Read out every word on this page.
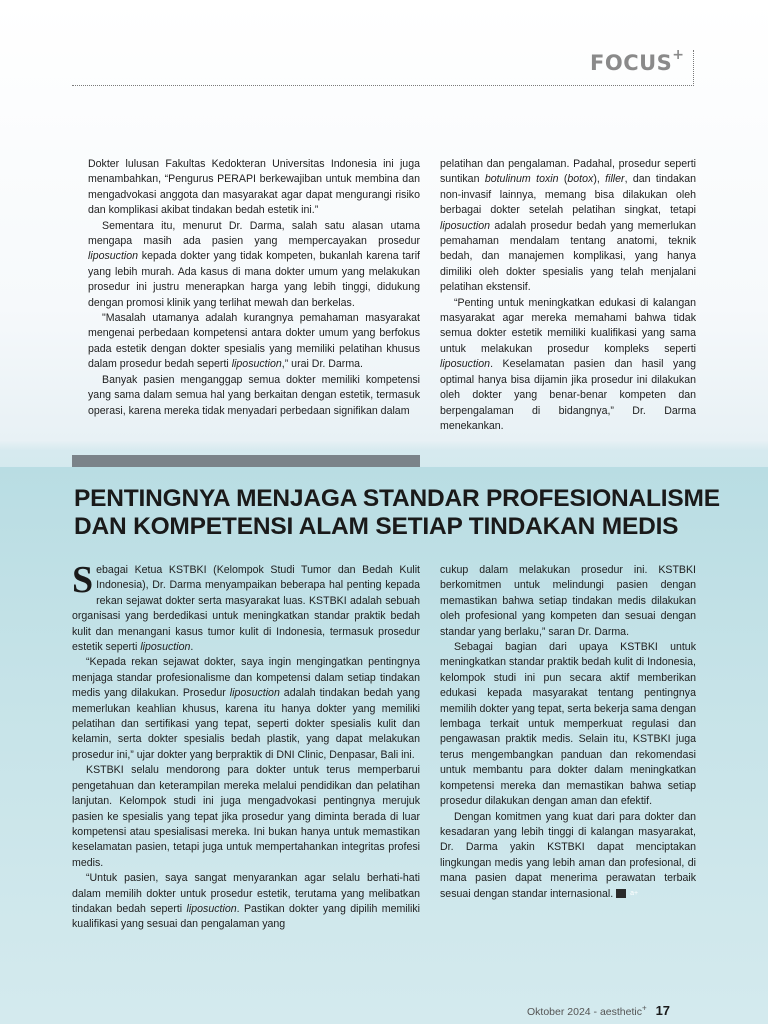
FOCUS+

Dokter lulusan Fakultas Kedokteran Universitas Indonesia ini juga menambahkan, “Pengurus PERAPI berkewajiban untuk membina dan mengadvokasi anggota dan masyarakat agar dapat mengurangi risiko dan komplikasi akibat tindakan bedah estetik ini.”

Sementara itu, menurut Dr. Darma, salah satu alasan utama mengapa masih ada pasien yang mempercayakan prosedur liposuction kepada dokter yang tidak kompeten, bukanlah karena tarif yang lebih murah. Ada kasus di mana dokter umum yang melakukan prosedur ini justru menerapkan harga yang lebih tinggi, didukung dengan promosi klinik yang terlihat mewah dan berkelas.

"Masalah utamanya adalah kurangnya pemahaman masyarakat mengenai perbedaan kompetensi antara dokter umum yang berfokus pada estetik dengan dokter spesialis yang memiliki pelatihan khusus dalam prosedur bedah seperti liposuction,” urai Dr. Darma.

Banyak pasien menganggap semua dokter memiliki kompetensi yang sama dalam semua hal yang berkaitan dengan estetik, termasuk operasi, karena mereka tidak menyadari perbedaan signifikan dalam

pelatihan dan pengalaman. Padahal, prosedur seperti suntikan botulinum toxin (botox), filler, dan tindakan non-invasif lainnya, memang bisa dilakukan oleh berbagai dokter setelah pelatihan singkat, tetapi liposuction adalah prosedur bedah yang memerlukan pemahaman mendalam tentang anatomi, teknik bedah, dan manajemen komplikasi, yang hanya dimiliki oleh dokter spesialis yang telah menjalani pelatihan ekstensif.

“Penting untuk meningkatkan edukasi di kalangan masyarakat agar mereka memahami bahwa tidak semua dokter estetik memiliki kualifikasi yang sama untuk melakukan prosedur kompleks seperti liposuction. Keselamatan pasien dan hasil yang optimal hanya bisa dijamin jika prosedur ini dilakukan oleh dokter yang benar-benar kompeten dan berpengalaman di bidangnya,” Dr. Darma menekankan.

PENTINGNYA MENJAGA STANDAR PROFESIONALISME
DAN KOMPETENSI ALAM SETIAP TINDAKAN MEDIS

Sebagai Ketua KSTBKI (Kelompok Studi Tumor dan Bedah Kulit Indonesia), Dr. Darma menyampaikan beberapa hal penting kepada rekan sejawat dokter serta masyarakat luas. KSTBKI adalah sebuah organisasi yang berdedikasi untuk meningkatkan standar praktik bedah kulit dan menangani kasus tumor kulit di Indonesia, termasuk prosedur estetik seperti liposuction.

“Kepada rekan sejawat dokter, saya ingin mengingatkan pentingnya menjaga standar profesionalisme dan kompetensi dalam setiap tindakan medis yang dilakukan. Prosedur liposuction adalah tindakan bedah yang memerlukan keahlian khusus, karena itu hanya dokter yang memiliki pelatihan dan sertifikasi yang tepat, seperti dokter spesialis kulit dan kelamin, serta dokter spesialis bedah plastik, yang dapat melakukan prosedur ini,” ujar dokter yang berpraktik di DNI Clinic, Denpasar, Bali ini.

KSTBKI selalu mendorong para dokter untuk terus memperbarui pengetahuan dan keterampilan mereka melalui pendidikan dan pelatihan lanjutan. Kelompok studi ini juga mengadvokasi pentingnya merujuk pasien ke spesialis yang tepat jika prosedur yang diminta berada di luar kompetensi atau spesialisasi mereka. Ini bukan hanya untuk memastikan keselamatan pasien, tetapi juga untuk mempertahankan integritas profesi medis.

“Untuk pasien, saya sangat menyarankan agar selalu berhati-hati dalam memilih dokter untuk prosedur estetik, terutama yang melibatkan tindakan bedah seperti liposuction. Pastikan dokter yang dipilih memiliki kualifikasi yang sesuai dan pengalaman yang

cukup dalam melakukan prosedur ini. KSTBKI berkomitmen untuk melindungi pasien dengan memastikan bahwa setiap tindakan medis dilakukan oleh profesional yang kompeten dan sesuai dengan standar yang berlaku,” saran Dr. Darma.

Sebagai bagian dari upaya KSTBKI untuk meningkatkan standar praktik bedah kulit di Indonesia, kelompok studi ini pun secara aktif memberikan edukasi kepada masyarakat tentang pentingnya memilih dokter yang tepat, serta bekerja sama dengan lembaga terkait untuk memperkuat regulasi dan pengawasan praktik medis. Selain itu, KSTBKI juga terus mengembangkan panduan dan rekomendasi untuk membantu para dokter dalam meningkatkan kompetensi mereka dan memastikan bahwa setiap prosedur dilakukan dengan aman dan efektif.

Dengan komitmen yang kuat dari para dokter dan kesadaran yang lebih tinggi di kalangan masyarakat, Dr. Darma yakin KSTBKI dapat menciptakan lingkungan medis yang lebih aman dan profesional, di mana pasien dapat menerima perawatan terbaik sesuai dengan standar internasional. a+

Oktober 2024 - aesthetic+ 17
